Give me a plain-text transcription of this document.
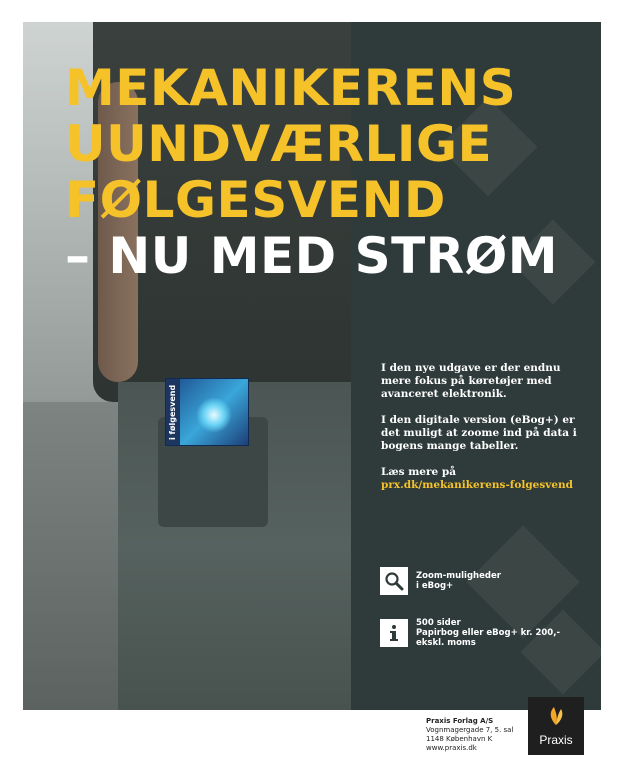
i følgesvend
MEKANIKERENS
UUNDVÆRLIGE
FØLGESVEND
– NU MED STRØM

I den nye udgave er der endnu mere fokus på køretøjer med avanceret elektronik.

I den digitale version (eBog+) er det muligt at zoome ind på data i bogens mange tabeller.

Læs mere på
prx.dk/mekanikerens-folgesvend

Zoom-muligheder
i eBog+
500 sider
Papirbog eller eBog+ kr. 200,-
ekskl. moms
Praxis Forlag A/S
Vognmagergade 7, 5. sal
1148 København K
www.praxis.dk
Praxis
